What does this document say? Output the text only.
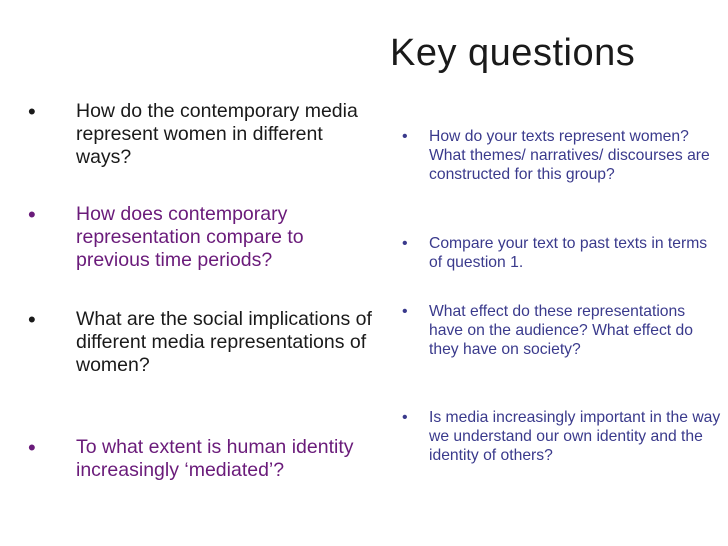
Key questions
• How do the contemporary media represent women in different ways?
• How does contemporary representation compare to previous time periods?
• What are the social implications of different media representations of women?
• To what extent is human identity increasingly ‘mediated’?
• How do your texts represent women? What themes/ narratives/ discourses are constructed for this group?
• Compare your text to past texts in terms of question 1.
• What effect do these representations have on the audience? What effect do they have on society?
• Is media increasingly important in the way we understand our own identity and the identity of others?
